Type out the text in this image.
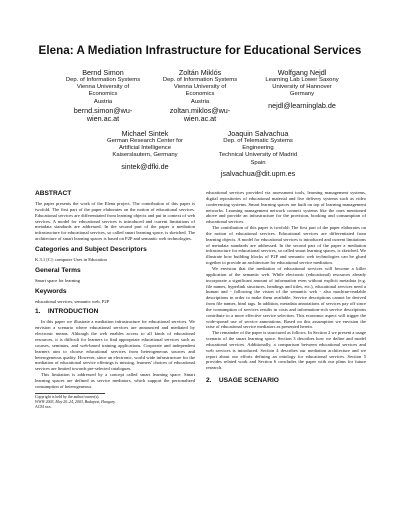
Elena: A Mediation Infrastructure for Educational Services
Bernd Simon
Dep. of Information Systems
Vienna University of
Economics
Austria
bernd.simon@wu-wien.ac.at
Zoltán Miklós
Dep. of Information Systems
Vienna University of
Economics
Austria
zoltan.miklos@wu-wien.ac.at
Wolfgang Nejdl
Learning Lab Lower Saxony
University of Hannover
Germany
nejdl@learninglab.de
Michael Sintek
German Research Center for
Artificial Intelligence
Kaiserslautern, Germany
sintek@dfki.de
Joaquin Salvachua
Dep. of Telematic Systems
Engineering
Technical University of Madrid
Spain
jsalvachua@dit.upm.es
ABSTRACT

The paper presents the work of the Elena project. The contribution of this paper is twofold. The first part of the paper elaborates on the notion of educational services. Educational services are differentiated from learning objects and put in context of web services. A model for educational services is introduced and current limitations of metadata standards are addressed. In the second part of the paper a mediation infrastructure for educational services, so called smart learning space, is sketched. The architecture of smart learning spaces is based on P2P and semantic web technologies.

Categories and Subject Descriptors

K.3.1 [C]: computer Uses in Education

General Terms

Smart space for learning

Keywords

educational services, semantic web, P2P

1.    INTRODUCTION

In this paper we illustrate a mediation infrastructure for educational services. We envision a scenario where educational services are announced and mediated by electronic means. Although the web enables access to all kinds of educational resources, it is difficult for learners to find appropriate educational services such as courses, seminars, and web-based training applications. Corporate and independent learners aim to choose educational services from heterogeneous sources and heterogeneous quality. However, since an electronic, world wide infrastructure for the mediation of educational service offerings is missing, learners' choices of educational services are limited towards pre-selected catalogues.

This limitation is addressed by a concept called smart learning space. Smart learning spaces are defined as service mediators, which support the personalized consumption of heterogeneous

Copyright is held by the author/owner(s).
WWW 2003, May 20–24, 2003, Budapest, Hungary.
ACM xxx.

educational services provided via assessment tools, learning management systems, digital repositories of educational material and live delivery systems such as video conferencing systems. Smart learning spaces are built on top of learning management networks. Learning management network connect systems like the ones mentioned above and provide an infrastructure for the provision, booking and consumption of educational services.

The contribution of this paper is twofold: The first part of the paper elaborates on the notion of educational services. Educational services are differentiated from learning objects. A model for educational services is introduced and current limitations of metadata standards are addressed. In the second part of the paper a mediation infrastructure for educational services, so called smart learning spaces, is sketched. We illustrate how building blocks of P2P and semantic web technologies can be glued together to provide an architecture for educational service mediation.

We envision that the mediation of educational services will become a killer application of the semantic web. While electronic (educational) resources already incorporate a significant amount of information even without explicit metadata (e.g. file names, hyperlink structures, headings and titles, etc.), educational services need a human and - following the vision of the semantic web - also machine-readable descriptions in order to make them available. Service descriptions cannot be derived from file names, html tags. In addition, metadata annotations of services pay off since the consumption of services results in costs and information-rich service descriptions contribute to a more effective service selection. This economic aspect will trigger the wide-spread use of service annotations. Based on this assumption we envision the raise of educational service mediators as presented herein.

The remainder of the paper is structured as follows. In Section 2 we present a usage scenario of the smart learning space. Section 3 describes how we define and model educational services. Additionally, a comparison between educational services and web services is introduced. Section 4 describes our mediation architecture and we report about our efforts defining an ontology for educational services. Section 5 provides related work and Section 6 concludes the paper with our plans for future research.

2.    USAGE SCENARIO
